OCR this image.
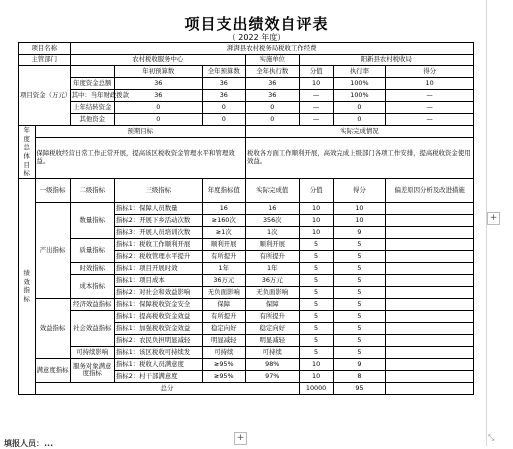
项目支出绩效自评表
（ 2022 年度）
项目名称		湃湃县农村税务局税收工作经费						
主管部门		农村税收服务中心			实施单位	阳新县农村税收局		
项目资金（万元）			年初预算数	全年预算数	全年执行数	分值	执行率	得分
		年度资金总额	36	36	36	10	100%	10
		其中：当年财政拨款	36	36	36	—	100%	—
		上年结转资金	0	0	0	—	0	—
		其他资金	0	0	0	—	0	—
年度总体目标	预期目标				实际完成情况			
	保障税收经营日常工作正常开展，提高该区税收资金管理水平和管理效益。				税收各方面工作顺利开展，高效完成上级部门各项工作安排，提高税收资金使用效益。			
绩效指标	一级指标	二级指标	三级指标	年度指标值	实际完成值	分值	得分	偏差原因分析及改进措施
	产出指标	数量指标	指标1：保障人员数量	16	16	10	10	
			指标2：开展下乡活动次数	≥160次	356次	10	10	
			指标3：开展人员培训次数	≥1次	1次	10	9	
		质量指标	指标1：税收工作顺利开展	顺利开展	顺利开展	5	5	
			指标2：税收管理水平提升	有所提升	有所提升	5	5	
		时效指标	指标1：项目开展时效	1年	1年	5	5	
		成本指标	指标1：项目成本	36万元	36万元	5	5	
			指标2：对社会和效益影响	无负面影响	无负面影响	5	5	
	效益指标	经济效益指标	指标1：保障税收资金安全	保障	保障	5	5	
		社会效益指标	指标1：提高税收资金效益	有所提升	有所提升	5	5	
			指标1：加强税收资金效益	稳定向好	稳定向好	5	5	
			指标2：农民负担明显减轻	明显减轻	明显减轻	5	5	
		可持续影响	指标1：该区税收可持续发	可持续	可持续	5	5	
	满意度指标	服务对象满意度指标	指标1：税收人员满意度	≥95%	98%	10	9	
			指标2：村干部满意度	≥95%	97%	10	8	
	总分					10000	95	
+
+	⤡
填报人员：...
